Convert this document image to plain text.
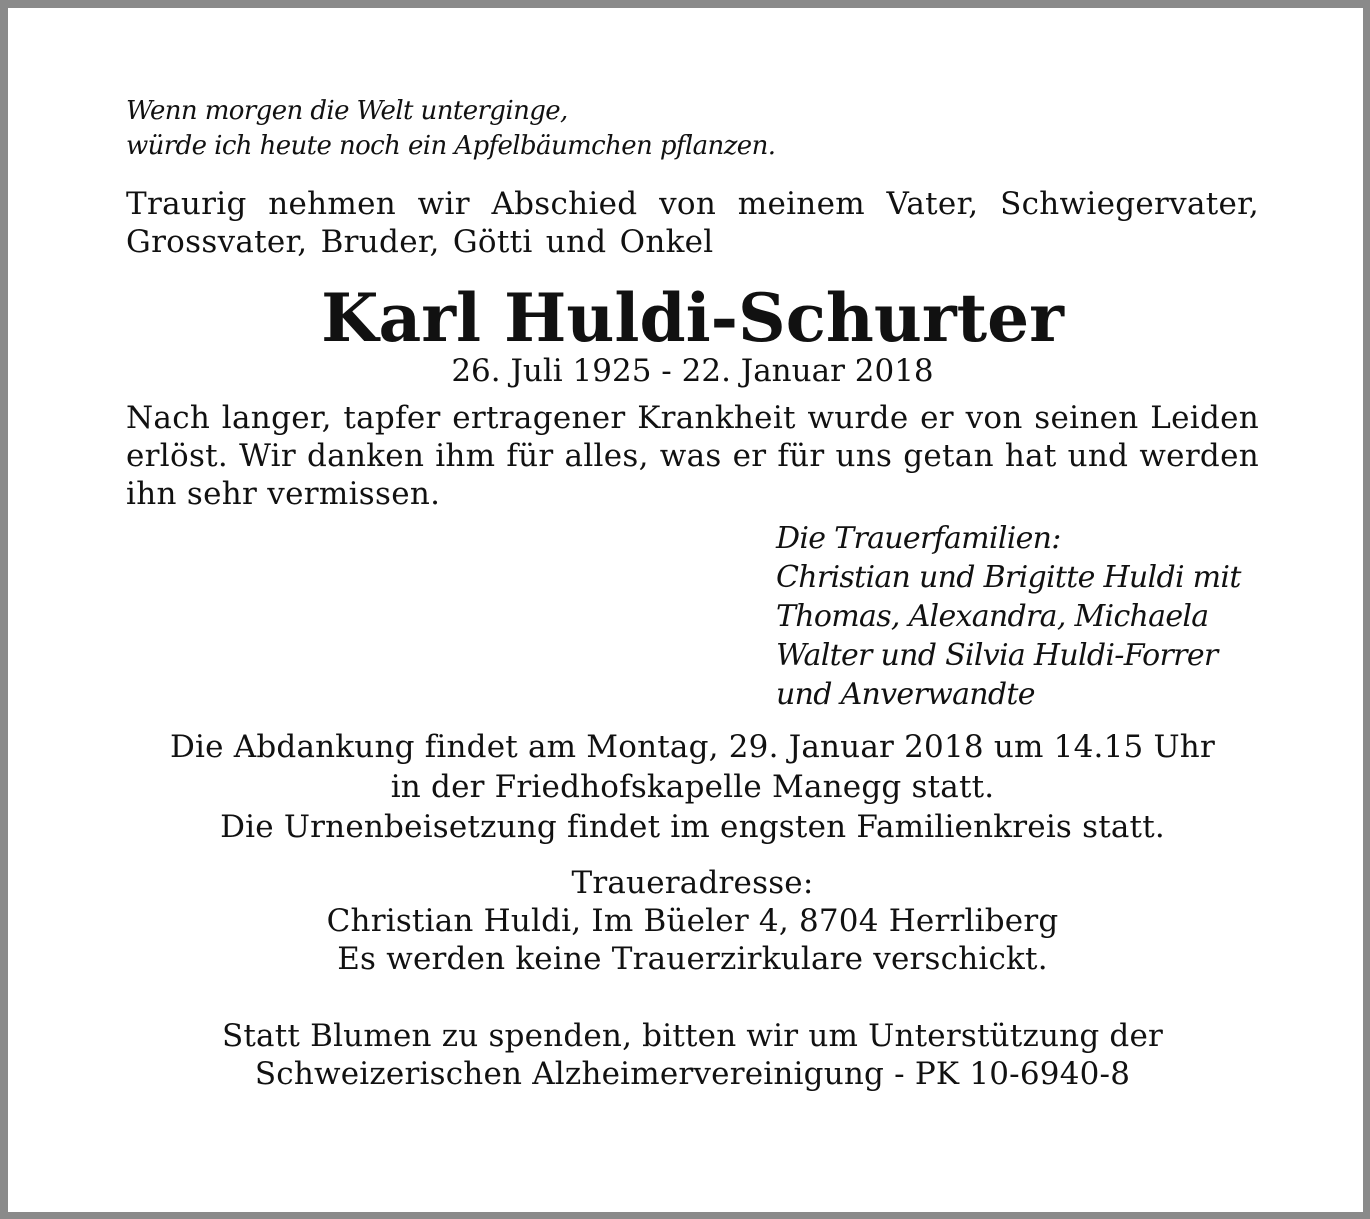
Wenn morgen die Welt unterginge,
würde ich heute noch ein Apfelbäumchen pflanzen.
Traurig nehmen wir Abschied von meinem Vater, Schwiegervater, Grossvater, Bruder, Götti und Onkel
Karl Huldi-Schurter
26. Juli 1925 - 22. Januar 2018
Nach langer, tapfer ertragener Krankheit wurde er von seinen Leiden erlöst. Wir danken ihm für alles, was er für uns getan hat und werden ihn sehr vermissen.
Die Trauerfamilien:
Christian und Brigitte Huldi mit
Thomas, Alexandra, Michaela
Walter und Silvia Huldi-Forrer
und Anverwandte
Die Abdankung findet am Montag, 29. Januar 2018 um 14.15 Uhr
in der Friedhofskapelle Manegg statt.
Die Urnenbeisetzung findet im engsten Familienkreis statt.
Traueradresse:
Christian Huldi, Im Büeler 4, 8704 Herrliberg
Es werden keine Trauerzirkulare verschickt.
Statt Blumen zu spenden, bitten wir um Unterstützung der
Schweizerischen Alzheimervereinigung - PK 10-6940-8
